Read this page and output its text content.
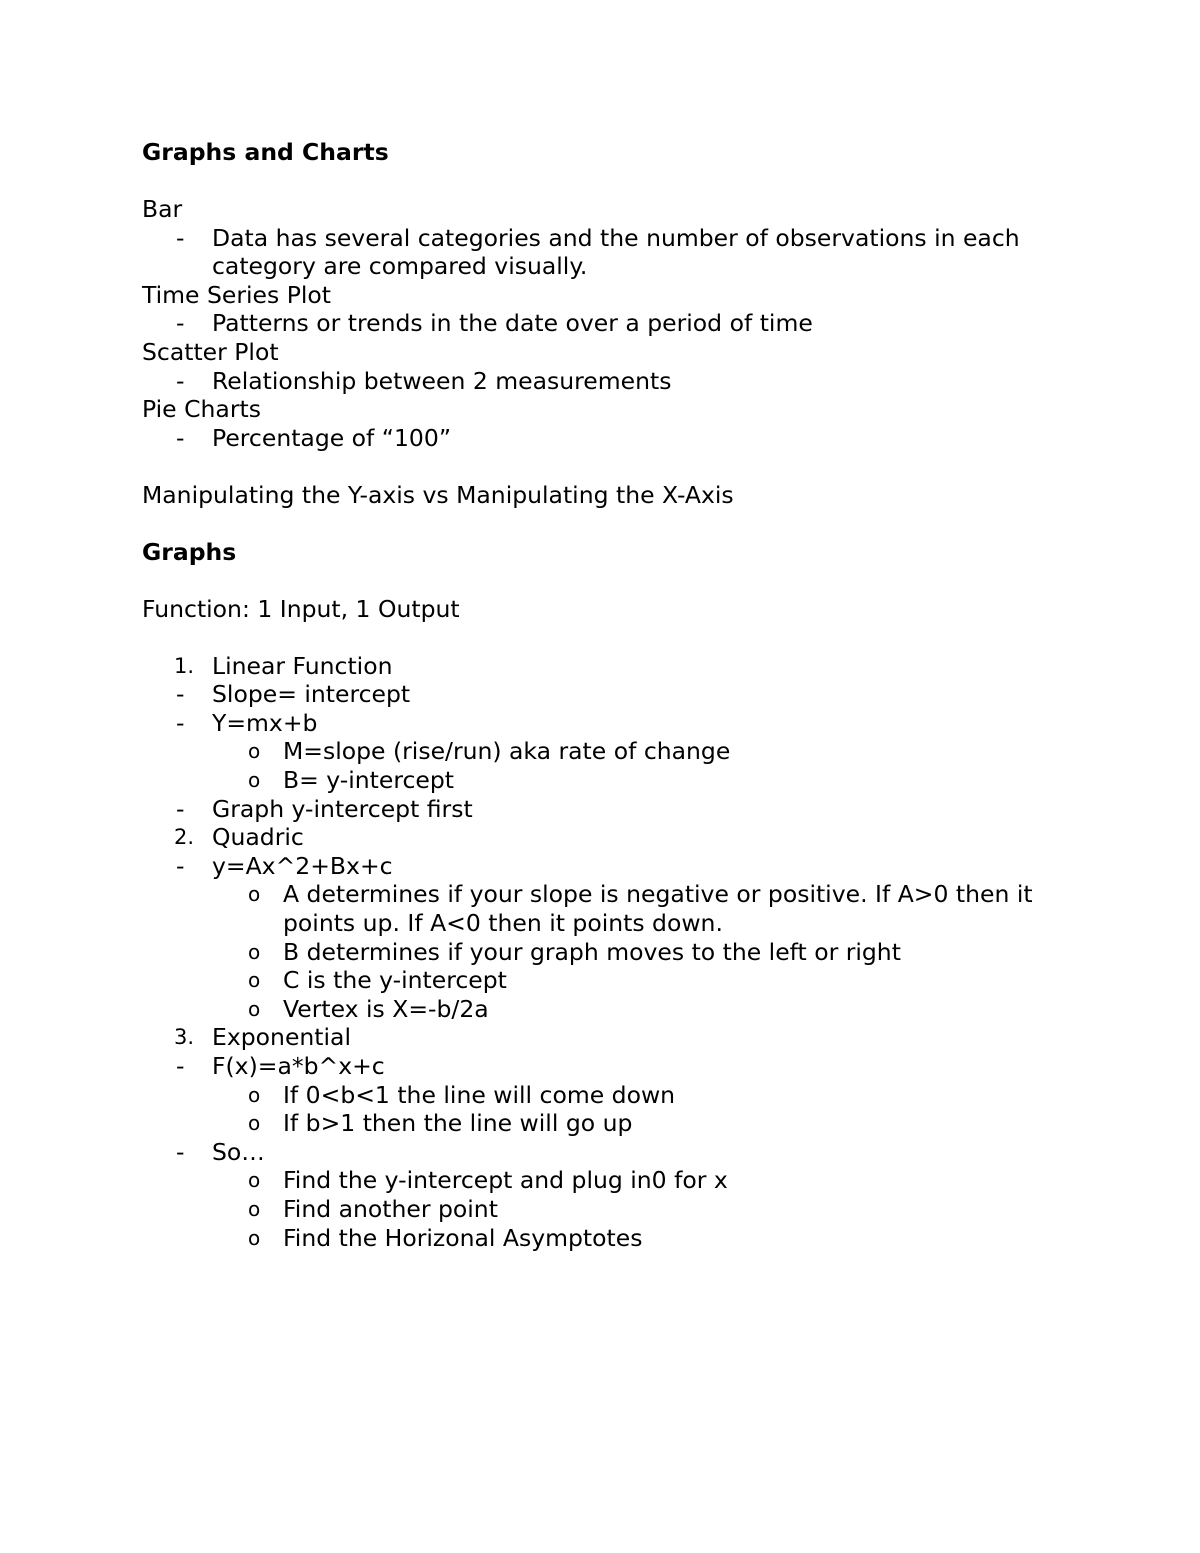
Graphs and Charts
Bar
- Data has several categories and the number of observations in each
category are compared visually.
Time Series Plot
- Patterns or trends in the date over a period of time
Scatter Plot
- Relationship between 2 measurements
Pie Charts
- Percentage of “100”
Manipulating the Y-axis vs Manipulating the X-Axis
Graphs
Function: 1 Input, 1 Output
1. Linear Function
- Slope= intercept
- Y=mx+b
o M=slope (rise/run) aka rate of change
o B= y-intercept
- Graph y-intercept first
2. Quadric
- y=Ax^2+Bx+c
o A determines if your slope is negative or positive. If A>0 then it
points up. If A<0 then it points down.
o B determines if your graph moves to the left or right
o C is the y-intercept
o Vertex is X=-b/2a
3. Exponential
- F(x)=a*b^x+c
o If 0<b<1 the line will come down
o If b>1 then the line will go up
- So…
o Find the y-intercept and plug in0 for x
o Find another point
o Find the Horizonal Asymptotes
